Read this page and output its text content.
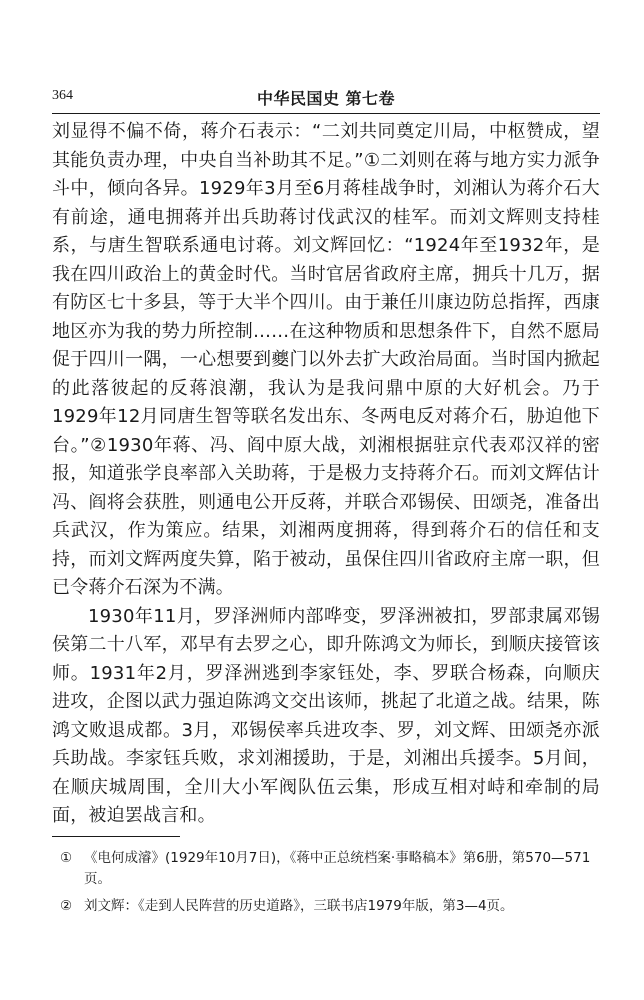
364	中华民国史 第七卷

刘显得不偏不倚，蒋介石表示：“二刘共同奠定川局，中枢赞成，望其能负责办理，中央自当补助其不足。”①二刘则在蒋与地方实力派争斗中，倾向各异。1929年3月至6月蒋桂战争时，刘湘认为蒋介石大有前途，通电拥蒋并出兵助蒋讨伐武汉的桂军。而刘文辉则支持桂系，与唐生智联系通电讨蒋。刘文辉回忆：“1924年至1932年，是我在四川政治上的黄金时代。当时官居省政府主席，拥兵十几万，据有防区七十多县，等于大半个四川。由于兼任川康边防总指挥，西康地区亦为我的势力所控制……在这种物质和思想条件下，自然不愿局促于四川一隅，一心想要到夔门以外去扩大政治局面。当时国内掀起的此落彼起的反蒋浪潮，我认为是我问鼎中原的大好机会。乃于1929年12月同唐生智等联名发出东、冬两电反对蒋介石，胁迫他下台。”②1930年蒋、冯、阎中原大战，刘湘根据驻京代表邓汉祥的密报，知道张学良率部入关助蒋，于是极力支持蒋介石。而刘文辉估计冯、阎将会获胜，则通电公开反蒋，并联合邓锡侯、田颂尧，准备出兵武汉，作为策应。结果，刘湘两度拥蒋，得到蒋介石的信任和支持，而刘文辉两度失算，陷于被动，虽保住四川省政府主席一职，但已令蒋介石深为不满。

1930年11月，罗泽洲师内部哗变，罗泽洲被扣，罗部隶属邓锡侯第二十八军，邓早有去罗之心，即升陈鸿文为师长，到顺庆接管该师。1931年2月，罗泽洲逃到李家钰处，李、罗联合杨森，向顺庆进攻，企图以武力强迫陈鸿文交出该师，挑起了北道之战。结果，陈鸿文败退成都。3月，邓锡侯率兵进攻李、罗，刘文辉、田颂尧亦派兵助战。李家钰兵败，求刘湘援助，于是，刘湘出兵援李。5月间，在顺庆城周围，全川大小军阀队伍云集，形成互相对峙和牵制的局面，被迫罢战言和。

① 《电何成濬》(1929年10月7日)，《蒋中正总统档案·事略稿本》第6册，第570—571页。

② 刘文辉：《走到人民阵营的历史道路》，三联书店1979年版，第3—4页。
